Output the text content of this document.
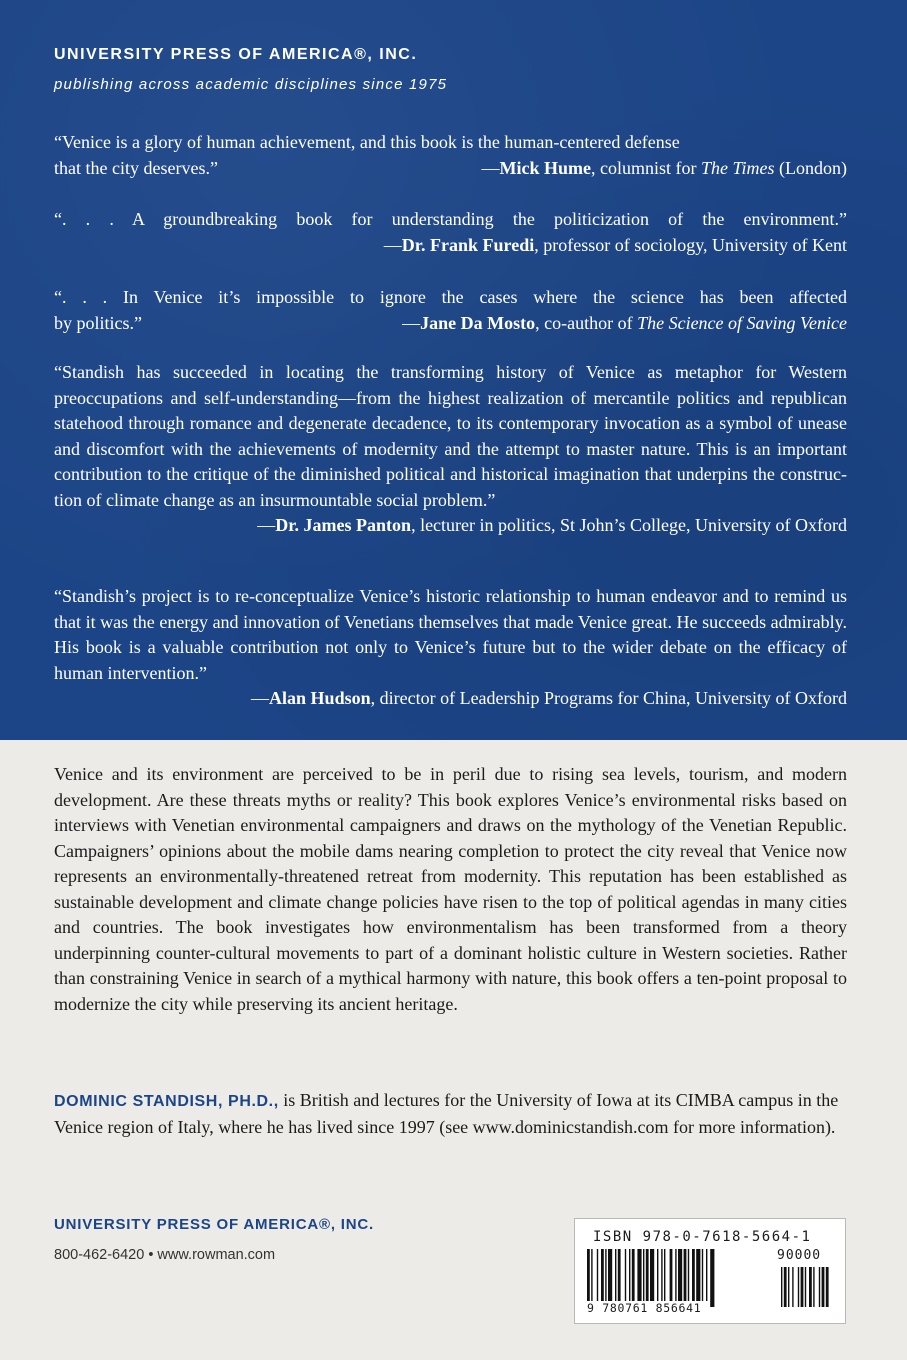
UNIVERSITY PRESS OF AMERICA®, INC.

publishing across academic disciplines since 1975

“Venice is a glory of human achievement, and this book is the human-centered defense
that the city deserves.”	—Mick Hume, columnist for The Times (London)

“. . . A groundbreaking book for understanding the politicization of the environment.”
—Dr. Frank Furedi, professor of sociology, University of Kent

“. . . In Venice it’s impossible to ignore the cases where the science has been affected
by politics.”	—Jane Da Mosto, co-author of The Science of Saving Venice

“Standish has succeeded in locating the transforming history of Venice as metaphor for Western preoccupations and self-understanding—from the highest realization of mercantile politics and republican statehood through romance and degenerate decadence, to its contemporary invocation as a symbol of unease and discomfort with the achievements of modernity and the attempt to master nature. This is an important contribution to the critique of the diminished political and historical imagination that underpins the construction of climate change as an insurmountable social problem.”
—Dr. James Panton, lecturer in politics, St John’s College, University of Oxford

“Standish’s project is to re-conceptualize Venice’s historic relationship to human endeavor and to remind us that it was the energy and innovation of Venetians themselves that made Venice great. He succeeds admirably. His book is a valuable contribution not only to Venice’s future but to the wider debate on the efficacy of human intervention.”
—Alan Hudson, director of Leadership Programs for China, University of Oxford

Venice and its environment are perceived to be in peril due to rising sea levels, tourism, and modern development. Are these threats myths or reality? This book explores Venice’s environmental risks based on interviews with Venetian environmental campaigners and draws on the mythology of the Venetian Republic. Campaigners’ opinions about the mobile dams nearing completion to protect the city reveal that Venice now represents an environmentally-threatened retreat from modernity. This reputation has been established as sustainable development and climate change policies have risen to the top of political agendas in many cities and countries. The book investigates how environmentalism has been transformed from a theory underpinning counter-cultural movements to part of a dominant holistic culture in Western societies. Rather than constraining Venice in search of a mythical harmony with nature, this book offers a ten-point proposal to modernize the city while preserving its ancient heritage.

DOMINIC STANDISH, PH.D., is British and lectures for the University of Iowa at its CIMBA campus in the Venice region of Italy, where he has lived since 1997 (see www.dominicstandish.com for more information).

UNIVERSITY PRESS OF AMERICA®, INC.

800-462-6420 • www.rowman.com

ISBN 978-0-7618-5664-1

90000

9 780761 856641
